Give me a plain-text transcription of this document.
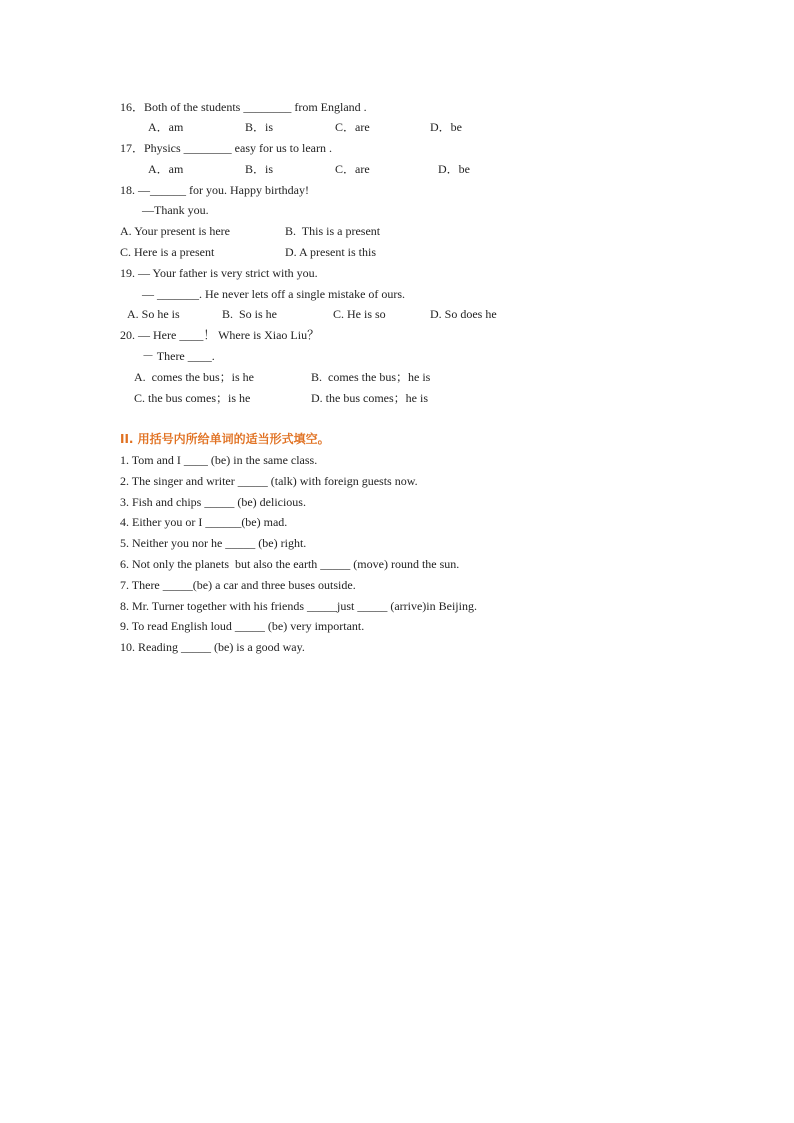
16．Both of the students ________ from England .
A．am	B．is	C．are	D．be
17．Physics ________ easy for us to learn .
A．am	B．is	C．are	D．be
18. —______ for you. Happy birthday!
—Thank you.
A. Your present is here	B.  This is a present
C. Here is a present	D. A present is this
19. — Your father is very strict with you.
— _______. He never lets off a single mistake of ours.
A. So he is	B.  So is he	C. He is so	D. So does he
20. — Here ____！ Where is Xiao Liu？
－ There ____.
A.  comes the bus；is he	B.  comes the bus；he is
C. the bus comes；is he	D. the bus comes；he is
II. 用括号内所给单词的适当形式填空。
1. Tom and I ____ (be) in the same class.
2. The singer and writer _____ (talk) with foreign guests now.
3. Fish and chips _____ (be) delicious.
4. Either you or I ______(be) mad.
5. Neither you nor he _____ (be) right.
6. Not only the planets  but also the earth _____ (move) round the sun.
7. There _____(be) a car and three buses outside.
8. Mr. Turner together with his friends _____just _____ (arrive)in Beijing.
9. To read English loud _____ (be) very important.
10. Reading _____ (be) is a good way.
